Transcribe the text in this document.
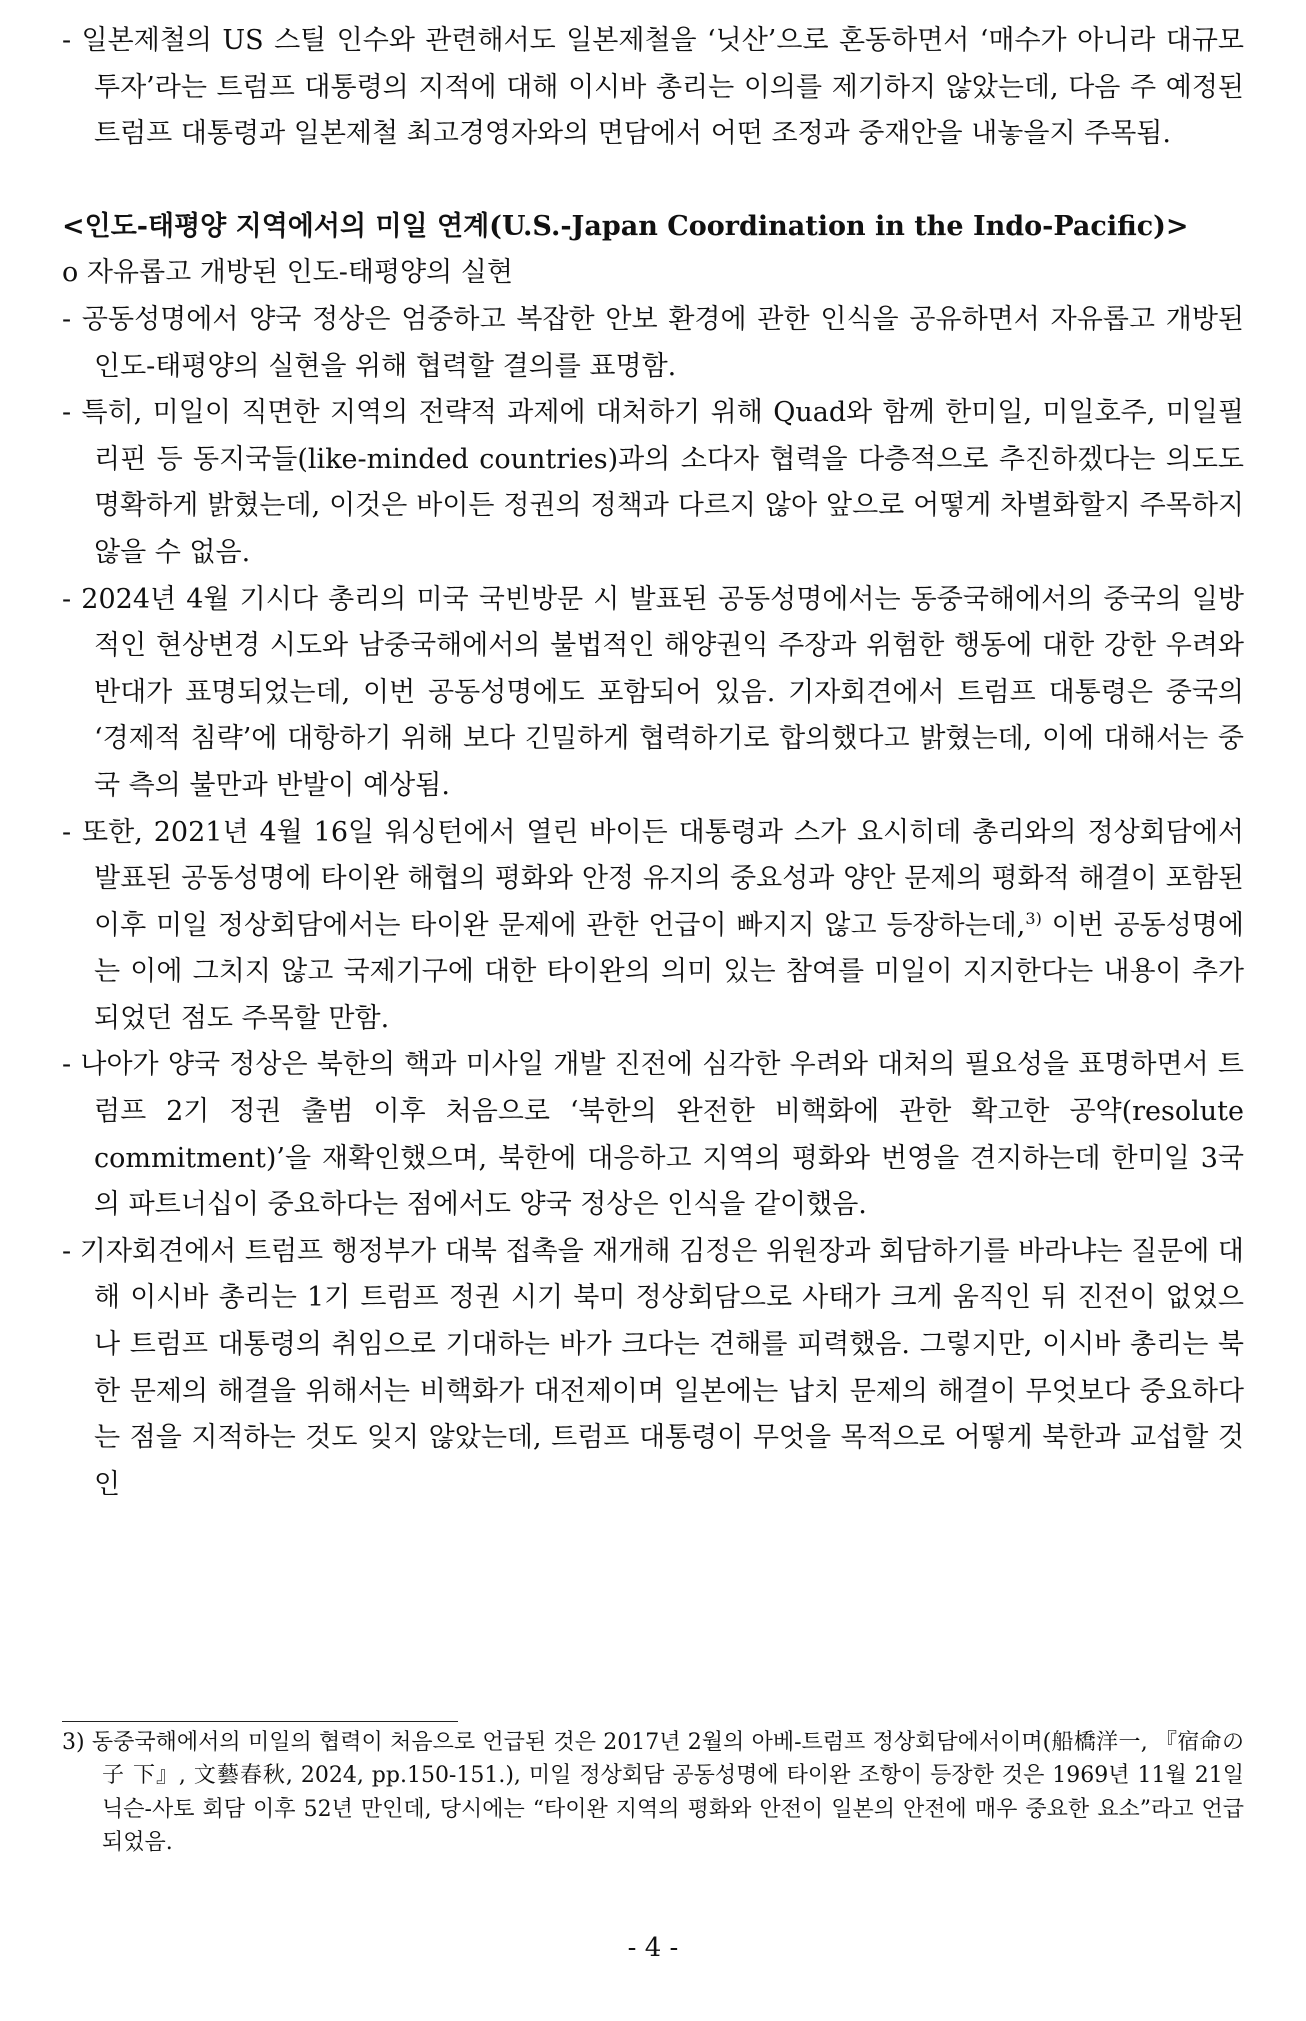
- 일본제철의 US 스틸 인수와 관련해서도 일본제철을 ‘닛산’으로 혼동하면서 ‘매수가 아니라 대규모 투자’라는 트럼프 대통령의 지적에 대해 이시바 총리는 이의를 제기하지 않았는데, 다음 주 예정된 트럼프 대통령과 일본제철 최고경영자와의 면담에서 어떤 조정과 중재안을 내놓을지 주목됨.

<인도-태평양 지역에서의 미일 연계(U.S.-Japan Coordination in the Indo-Pacific)>

o 자유롭고 개방된 인도-태평양의 실현

- 공동성명에서 양국 정상은 엄중하고 복잡한 안보 환경에 관한 인식을 공유하면서 자유롭고 개방된 인도-태평양의 실현을 위해 협력할 결의를 표명함.

- 특히, 미일이 직면한 지역의 전략적 과제에 대처하기 위해 Quad와 함께 한미일, 미일호주, 미일필리핀 등 동지국들(like-minded countries)과의 소다자 협력을 다층적으로 추진하겠다는 의도도 명확하게 밝혔는데, 이것은 바이든 정권의 정책과 다르지 않아 앞으로 어떻게 차별화할지 주목하지 않을 수 없음.

- 2024년 4월 기시다 총리의 미국 국빈방문 시 발표된 공동성명에서는 동중국해에서의 중국의 일방적인 현상변경 시도와 남중국해에서의 불법적인 해양권익 주장과 위험한 행동에 대한 강한 우려와 반대가 표명되었는데, 이번 공동성명에도 포함되어 있음. 기자회견에서 트럼프 대통령은 중국의 ‘경제적 침략’에 대항하기 위해 보다 긴밀하게 협력하기로 합의했다고 밝혔는데, 이에 대해서는 중국 측의 불만과 반발이 예상됨.

- 또한, 2021년 4월 16일 워싱턴에서 열린 바이든 대통령과 스가 요시히데 총리와의 정상회담에서 발표된 공동성명에 타이완 해협의 평화와 안정 유지의 중요성과 양안 문제의 평화적 해결이 포함된 이후 미일 정상회담에서는 타이완 문제에 관한 언급이 빠지지 않고 등장하는데,$^{3)}$ 이번 공동성명에는 이에 그치지 않고 국제기구에 대한 타이완의 의미 있는 참여를 미일이 지지한다는 내용이 추가되었던 점도 주목할 만함.

- 나아가 양국 정상은 북한의 핵과 미사일 개발 진전에 심각한 우려와 대처의 필요성을 표명하면서 트럼프 2기 정권 출범 이후 처음으로 ‘북한의 완전한 비핵화에 관한 확고한 공약(resolute commitment)’을 재확인했으며, 북한에 대응하고 지역의 평화와 번영을 견지하는데 한미일 3국의 파트너십이 중요하다는 점에서도 양국 정상은 인식을 같이했음.

- 기자회견에서 트럼프 행정부가 대북 접촉을 재개해 김정은 위원장과 회담하기를 바라냐는 질문에 대해 이시바 총리는 1기 트럼프 정권 시기 북미 정상회담으로 사태가 크게 움직인 뒤 진전이 없었으나 트럼프 대통령의 취임으로 기대하는 바가 크다는 견해를 피력했음. 그렇지만, 이시바 총리는 북한 문제의 해결을 위해서는 비핵화가 대전제이며 일본에는 납치 문제의 해결이 무엇보다 중요하다는 점을 지적하는 것도 잊지 않았는데, 트럼프 대통령이 무엇을 목적으로 어떻게 북한과 교섭할 것인

3) 동중국해에서의 미일의 협력이 처음으로 언급된 것은 2017년 2월의 아베-트럼프 정상회담에서이며(船橋洋一, 『宿命の子 下』, 文藝春秋, 2024, pp.150-151.), 미일 정상회담 공동성명에 타이완 조항이 등장한 것은 1969년 11월 21일 닉슨-사토 회담 이후 52년 만인데, 당시에는 “타이완 지역의 평화와 안전이 일본의 안전에 매우 중요한 요소”라고 언급되었음.

- 4 -
